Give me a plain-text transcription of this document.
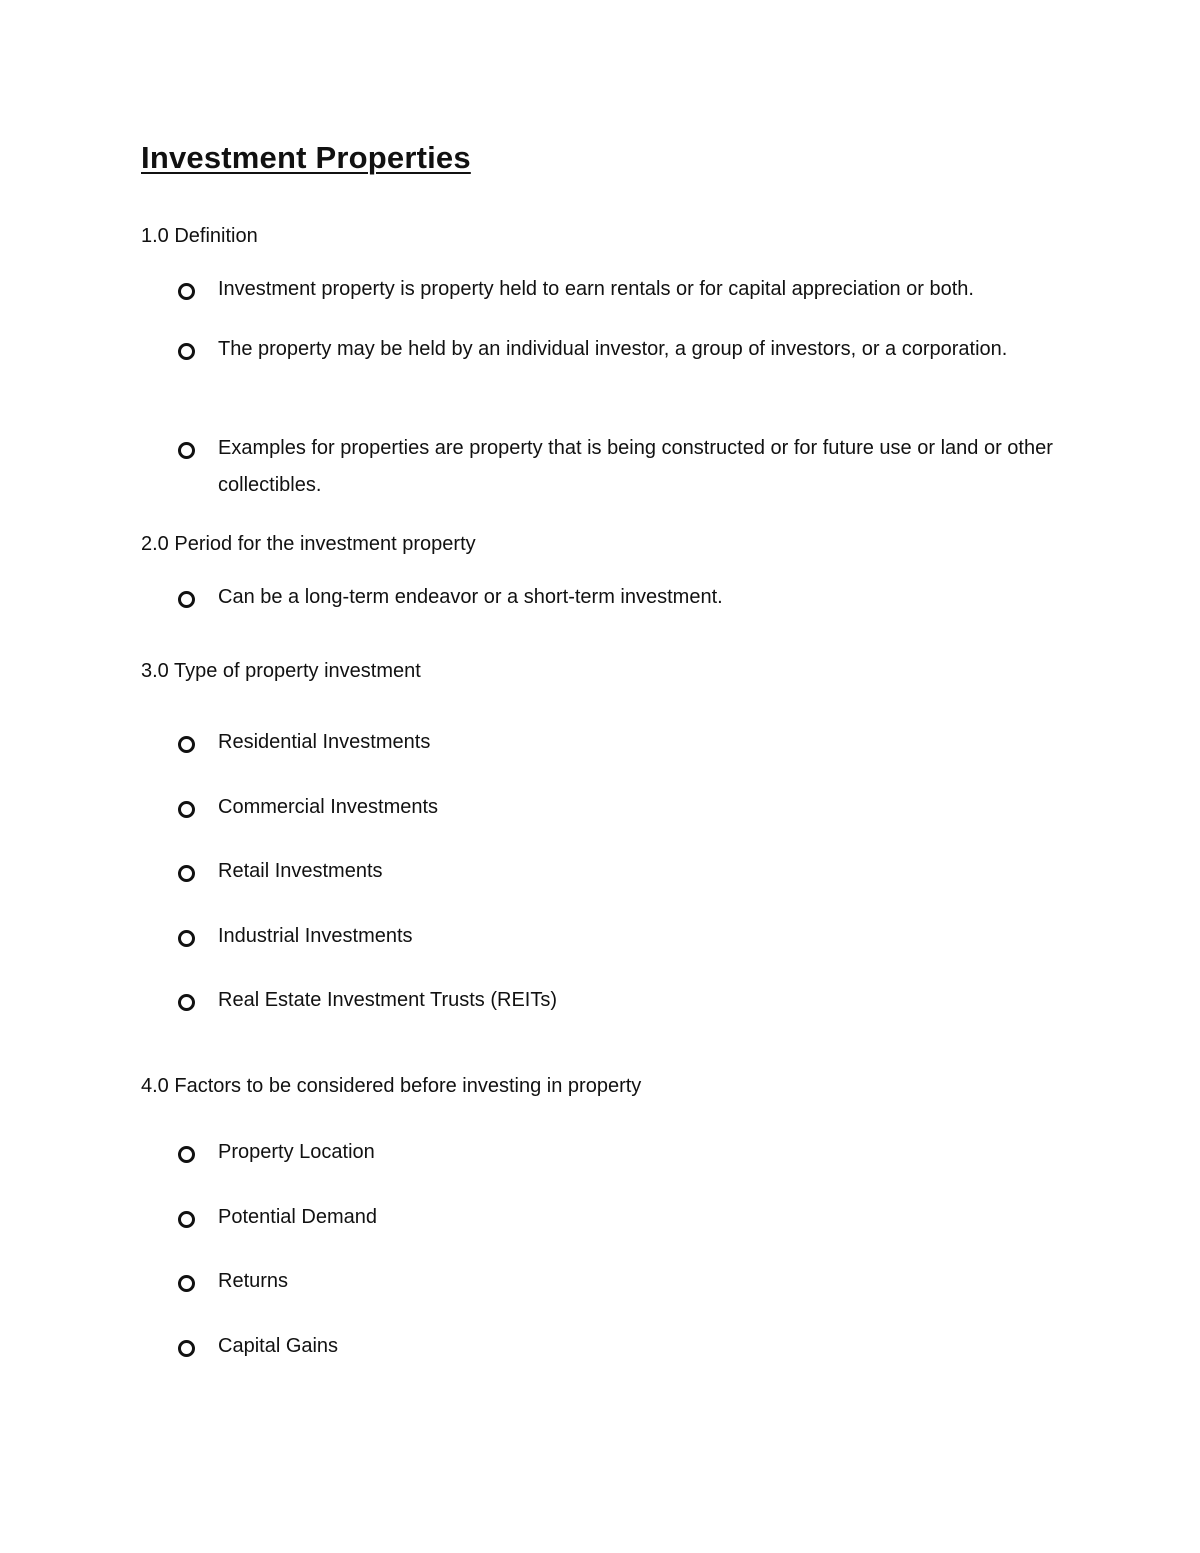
Investment Properties
1.0 Definition
Investment property is property held to earn rentals or for capital appreciation or both.
The property may be held by an individual investor, a group of investors, or a corporation.
Examples for properties are property that is being constructed or for future use or land or other collectibles.
2.0 Period for the investment property
Can be a long-term endeavor or a short-term investment.
3.0 Type of property investment
Residential Investments
Commercial Investments
Retail Investments
Industrial Investments
Real Estate Investment Trusts (REITs)
4.0 Factors to be considered before investing in property
Property Location
Potential Demand
Returns
Capital Gains
